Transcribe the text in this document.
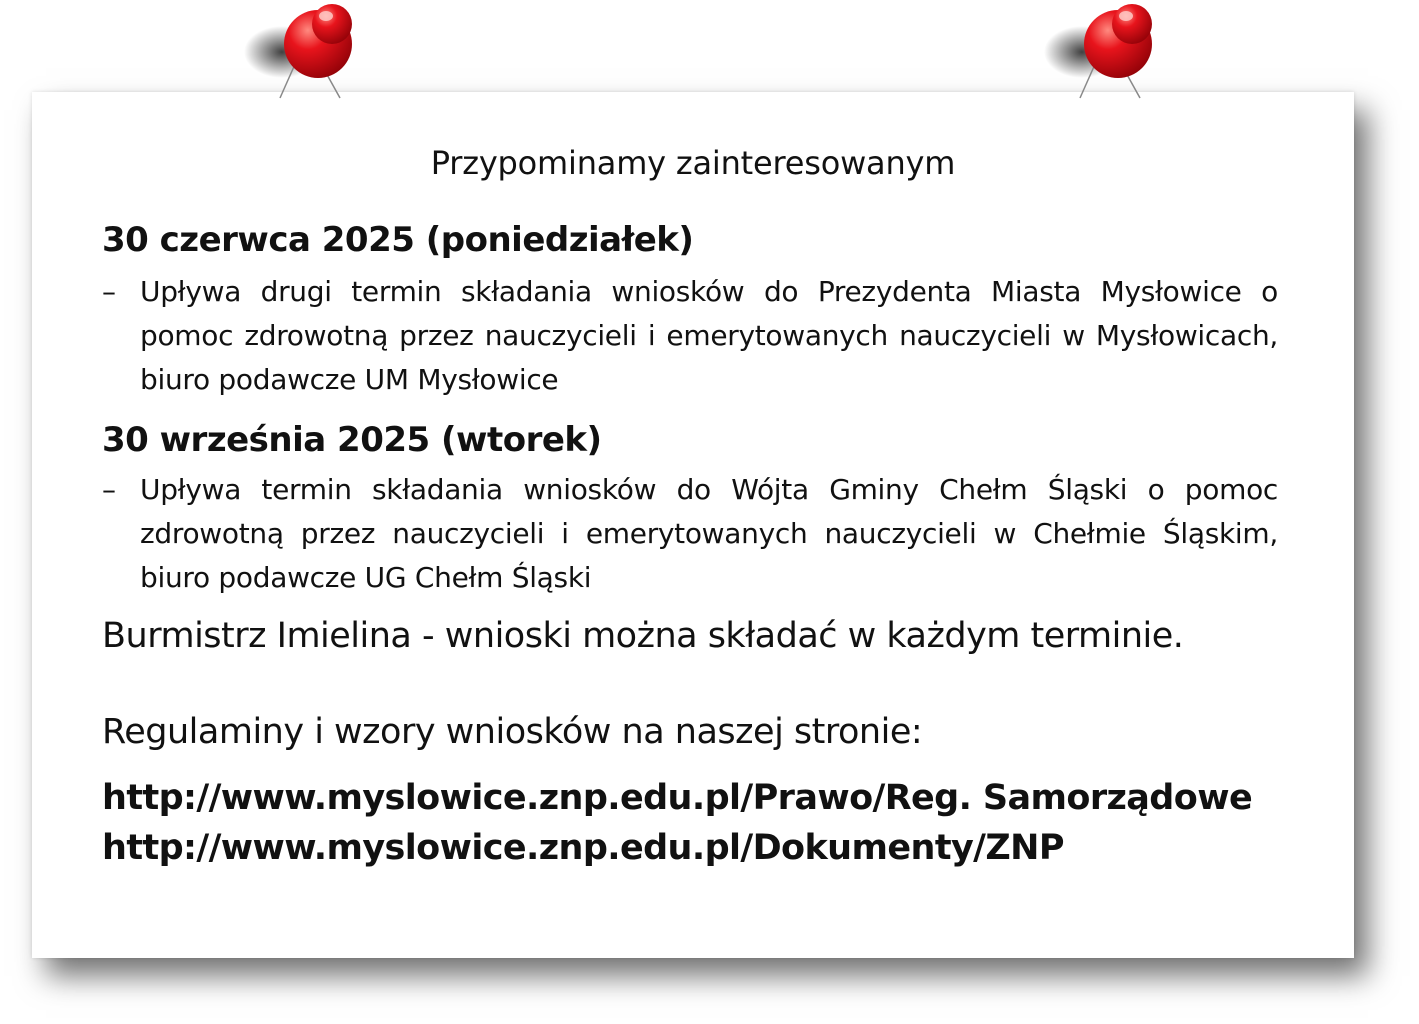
Przypominamy zainteresowanym
30 czerwca 2025 (poniedziałek)
– Upływa drugi termin składania wniosków do Prezydenta Miasta Mysłowice o pomoc zdrowotną przez nauczycieli i emerytowanych nauczycieli w Mysłowicach, biuro podawcze UM Mysłowice
30 września 2025 (wtorek)
– Upływa termin składania wniosków do Wójta Gminy Chełm Śląski o pomoc zdrowotną przez nauczycieli i emerytowanych nauczycieli w Chełmie Śląskim, biuro podawcze UG Chełm Śląski
Burmistrz Imielina - wnioski można składać w każdym terminie.
Regulaminy i wzory wniosków na naszej stronie:
http://www.myslowice.znp.edu.pl/Prawo/Reg. Samorządowe
http://www.myslowice.znp.edu.pl/Dokumenty/ZNP
